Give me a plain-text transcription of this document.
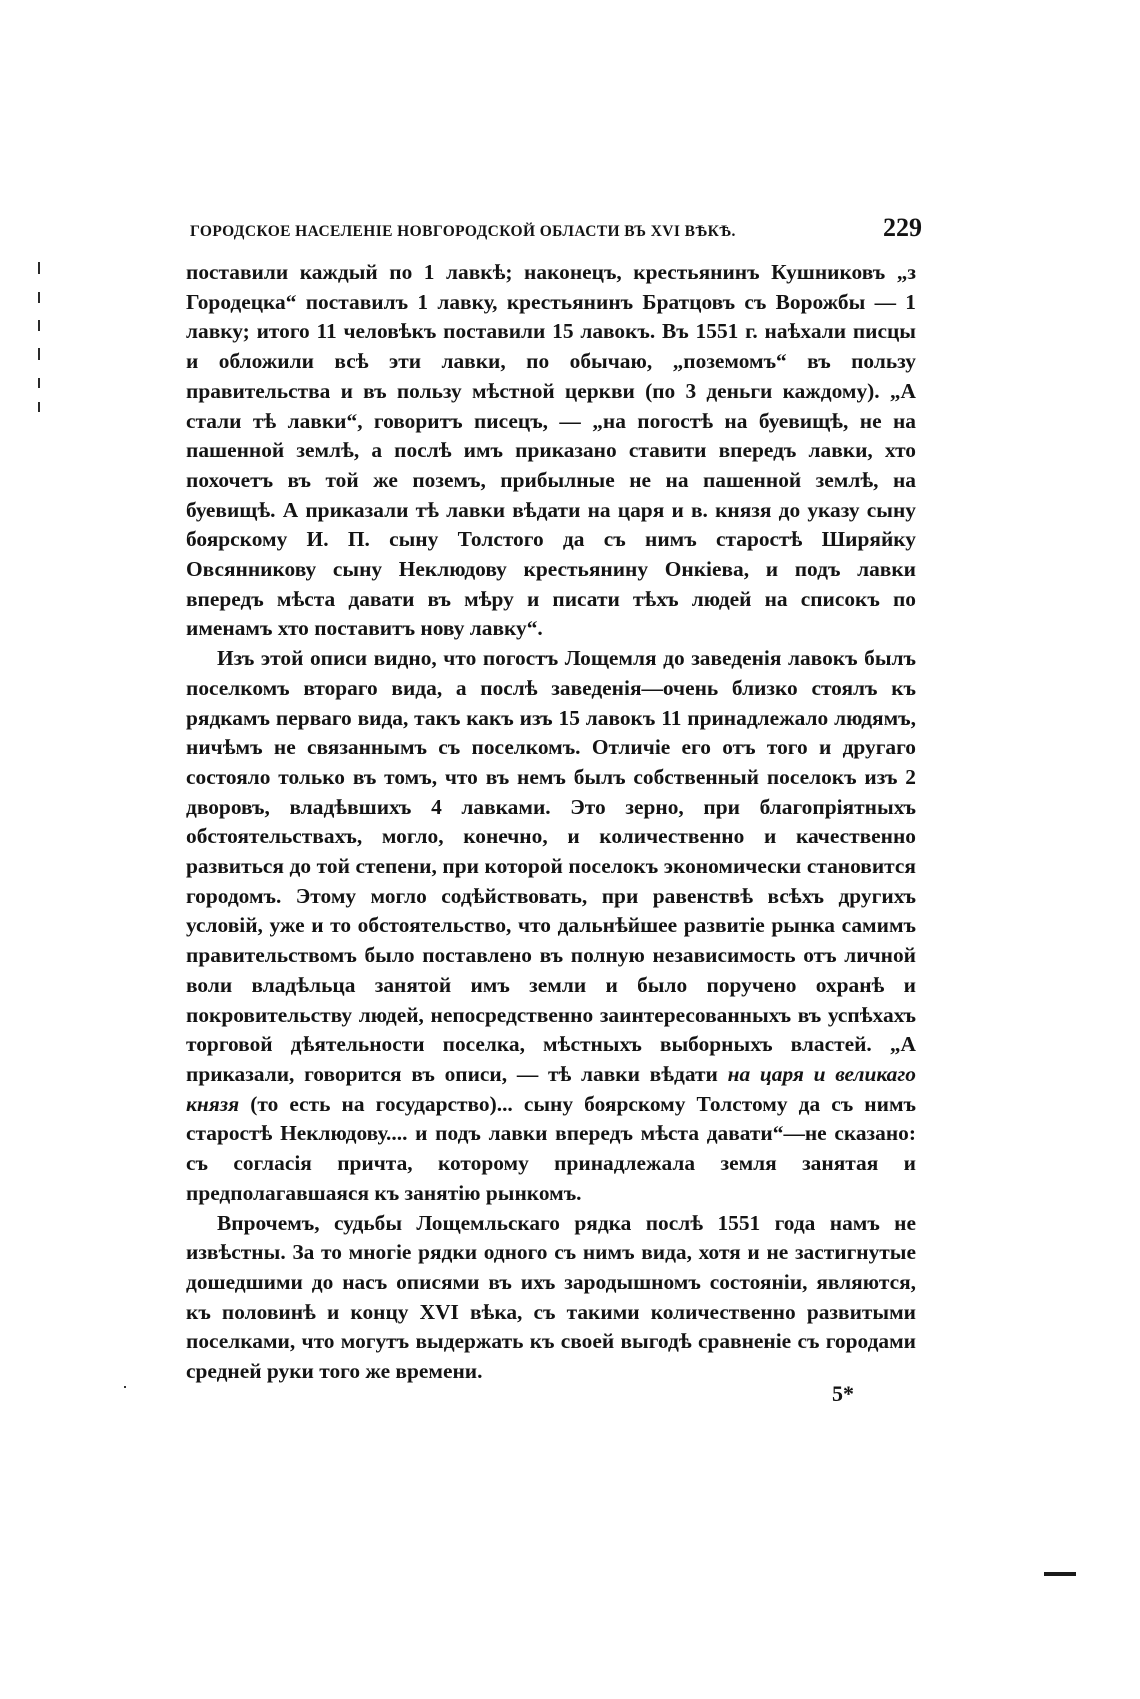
ГОРОДСКОЕ НАСЕЛЕНІЕ НОВГОРОДСКОЙ ОБЛАСТИ ВЪ XVI ВѢКѢ.	229

поставили каждый по 1 лавкѣ; наконецъ, крестьянинъ Кушниковъ „з Городецка“ поставилъ 1 лавку, крестьянинъ Братцовъ съ Ворожбы — 1 лавку; итого 11 человѣкъ поставили 15 лавокъ. Въ 1551 г. наѣхали писцы и обложили всѣ эти лавки, по обычаю, „поземомъ“ въ пользу правительства и въ пользу мѣстной церкви (по 3 деньги каждому). „А стали тѣ лавки“, говоритъ писецъ, — „на погостѣ на буевищѣ, не на пашенной землѣ, а послѣ имъ приказано ставити впередъ лавки, хто похочетъ въ той же поземъ, прибылные не на пашенной землѣ, на буевищѣ. А приказали тѣ лавки вѣдати на царя и в. князя до указу сыну боярскому И. П. сыну Толстого да съ нимъ старостѣ Ширяйку Овсянникову сыну Неклюдову крестьянину Онкіева, и подъ лавки впередъ мѣста давати въ мѣру и писати тѣхъ людей на списокъ по именамъ хто поставитъ нову лавку“.

Изъ этой описи видно, что погостъ Лощемля до заведенія лавокъ былъ поселкомъ втораго вида, а послѣ заведенія—очень близко стоялъ къ рядкамъ перваго вида, такъ какъ изъ 15 лавокъ 11 принадлежало людямъ, ничѣмъ не связаннымъ съ поселкомъ. Отличіе его отъ того и другаго состояло только въ томъ, что въ немъ былъ собственный поселокъ изъ 2 дворовъ, владѣвшихъ 4 лавками. Это зерно, при благопріятныхъ обстоятельствахъ, могло, конечно, и количественно и качественно развиться до той степени, при которой поселокъ экономически становится городомъ. Этому могло содѣйствовать, при равенствѣ всѣхъ другихъ условій, уже и то обстоятельство, что дальнѣйшее развитіе рынка самимъ правительствомъ было поставлено въ полную независимость отъ личной воли владѣльца занятой имъ земли и было поручено охранѣ и покровительству людей, непосредственно заинтересованныхъ въ успѣхахъ торговой дѣятельности поселка, мѣстныхъ выборныхъ властей. „А приказали, говорится въ описи, — тѣ лавки вѣдати на царя и великаго князя (то есть на государство)... сыну боярскому Толстому да съ нимъ старостѣ Неклюдову.... и подъ лавки впередъ мѣста давати“—не сказано: съ согласія причта, которому принадлежала земля занятая и предполагавшаяся къ занятію рынкомъ.

Впрочемъ, судьбы Лощемльскаго рядка послѣ 1551 года намъ не извѣстны. За то многіе рядки одного съ нимъ вида, хотя и не застигнутые дошедшими до насъ описями въ ихъ зародышномъ состояніи, являются, къ половинѣ и концу XVI вѣка, съ такими количественно развитыми поселками, что могутъ выдержать къ своей выгодѣ сравненіе съ городами средней руки того же времени.

5*
